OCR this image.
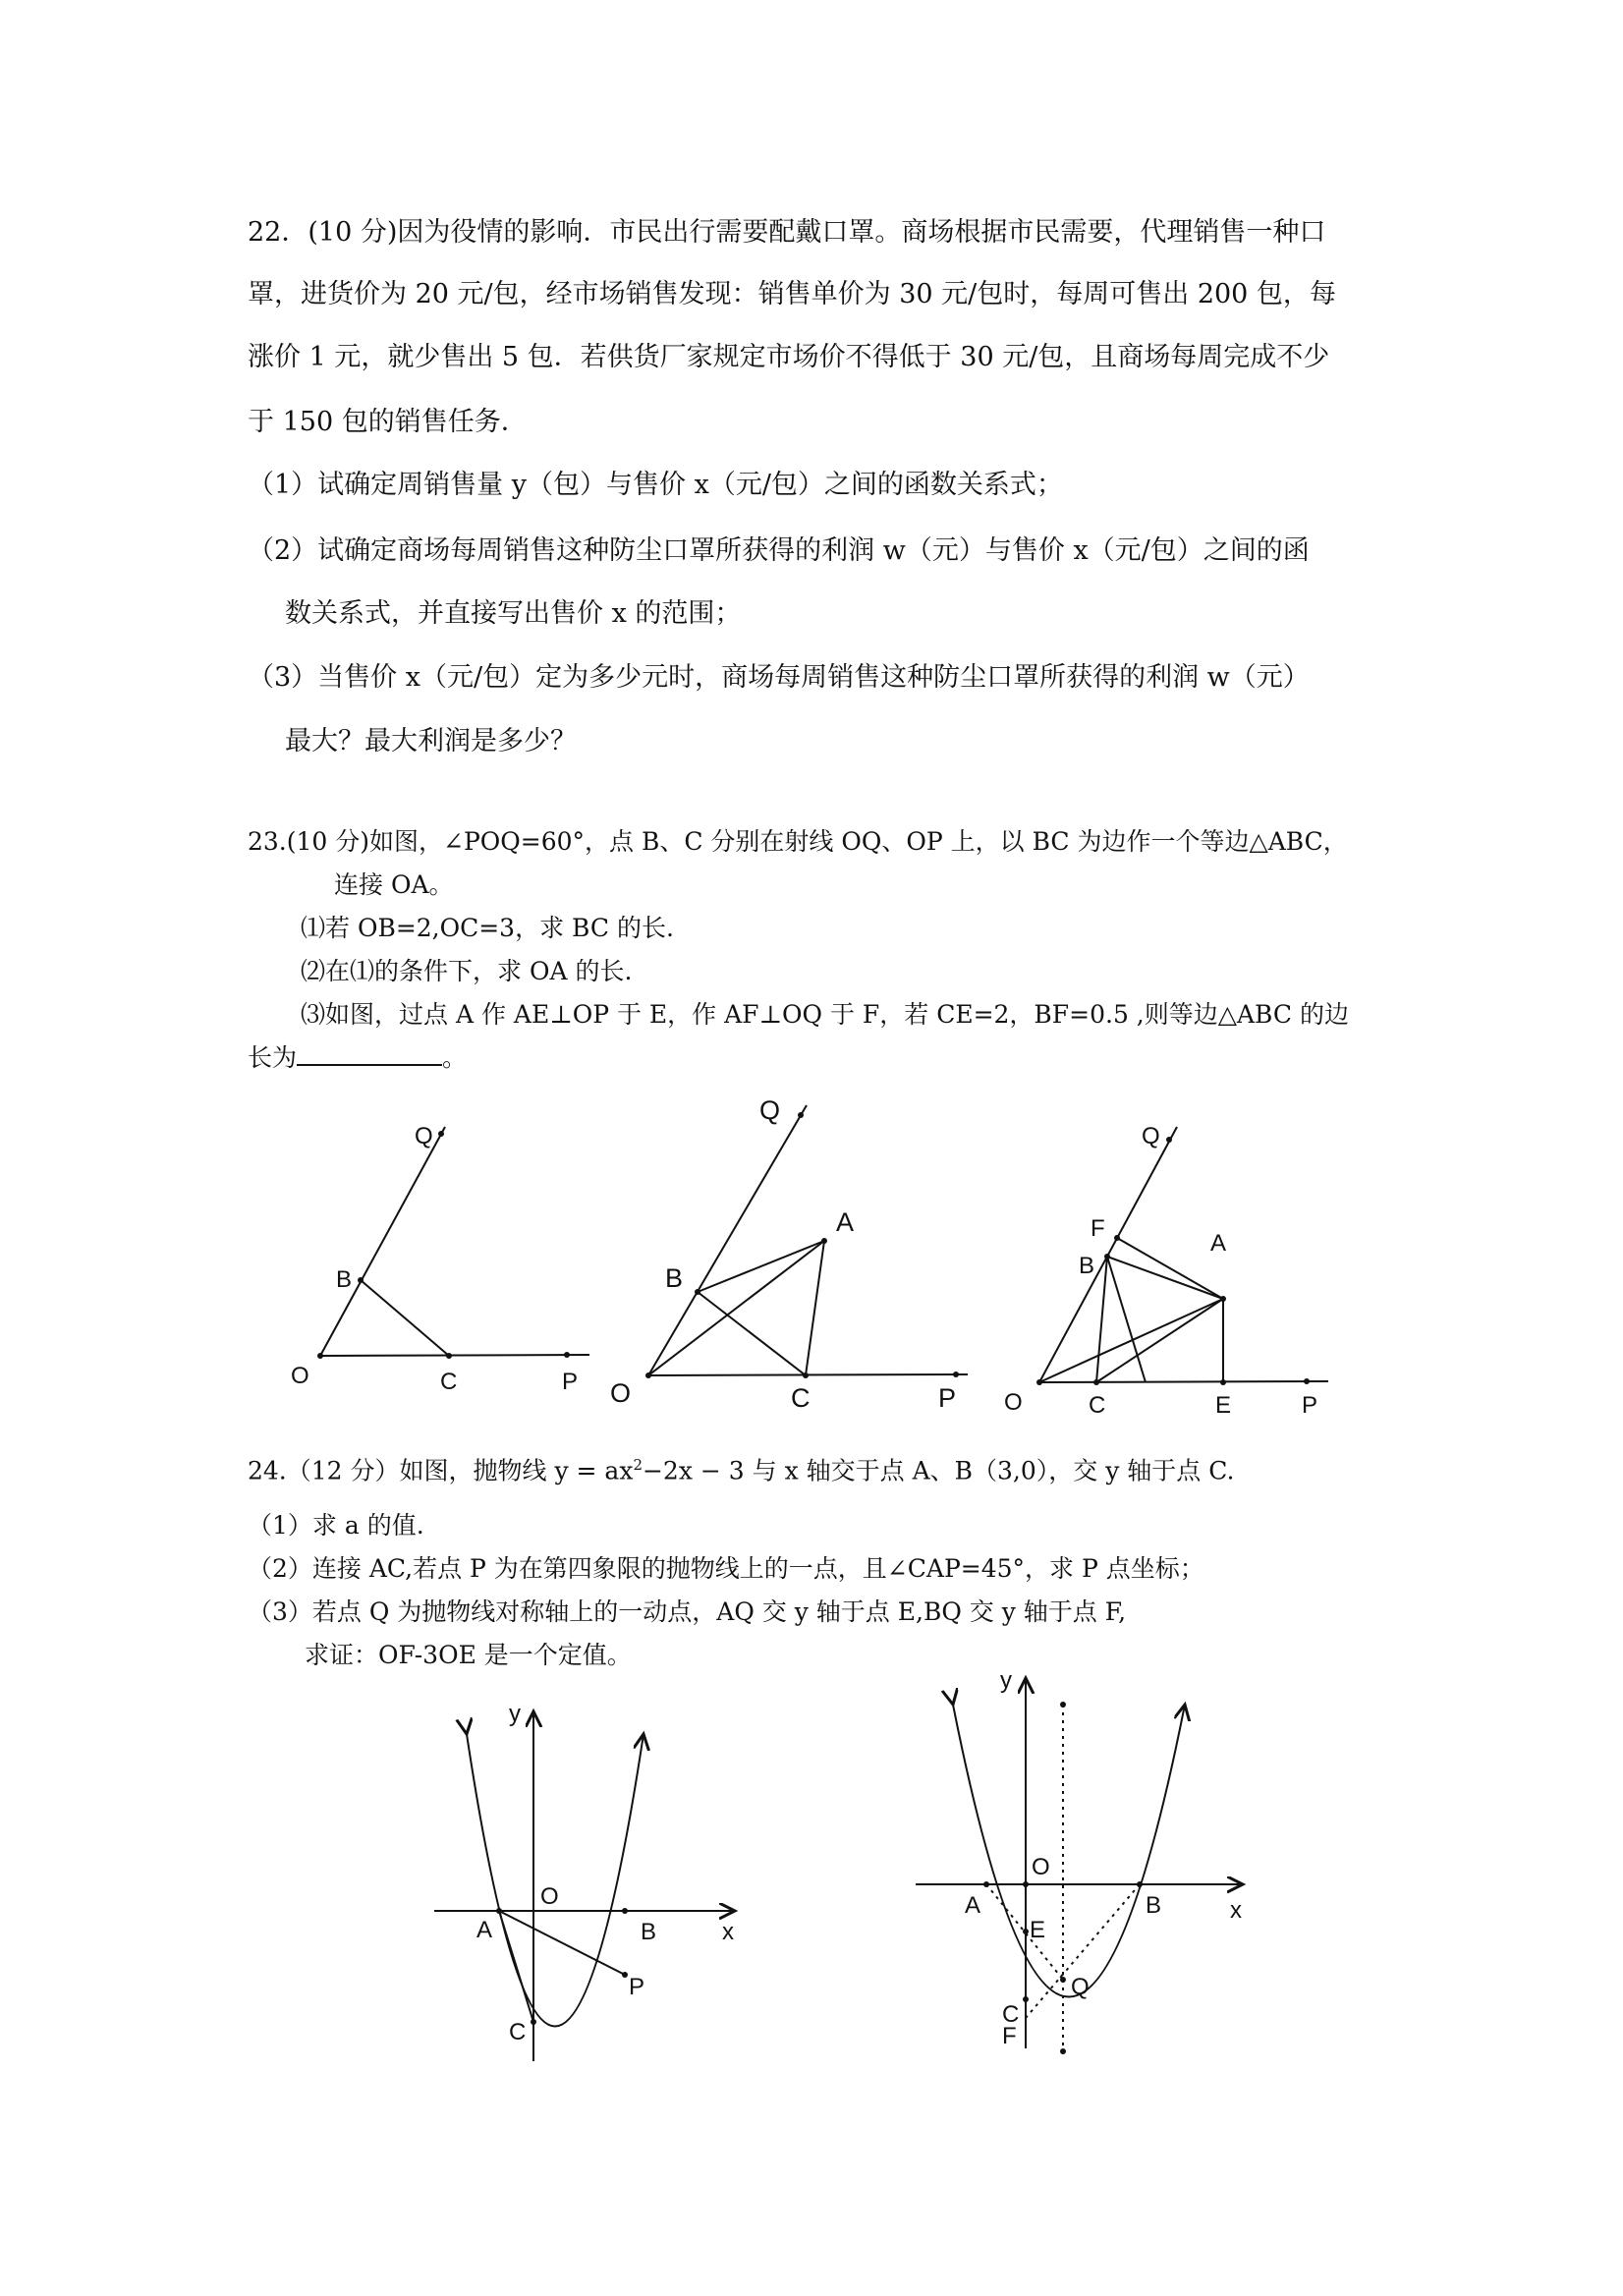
22．(10 分)因为役情的影响．市民出行需要配戴口罩。商场根据市民需要，代理销售一种口
罩，进货价为 20 元/包，经市场销售发现：销售单价为 30 元/包时，每周可售出 200 包，每
涨价 1 元，就少售出 5 包．若供货厂家规定市场价不得低于 30 元/包，且商场每周完成不少
于 150 包的销售任务．
（1）试确定周销售量 y（包）与售价 x（元/包）之间的函数关系式；
（2）试确定商场每周销售这种防尘口罩所获得的利润 w（元）与售价 x（元/包）之间的函
数关系式，并直接写出售价 x 的范围；
（3）当售价 x（元/包）定为多少元时，商场每周销售这种防尘口罩所获得的利润 w（元）
最大？最大利润是多少？
23.(10 分)如图，∠POQ=60°，点 B、C 分别在射线 OQ、OP 上，以 BC 为边作一个等边△ABC，
连接 OA。
⑴若 OB=2,OC=3，求 BC 的长.
⑵在⑴的条件下，求 OA 的长.
⑶如图，过点 A 作 AE⊥OP 于 E，作 AF⊥OQ 于 F，若 CE=2，BF=0.5 ,则等边△ABC 的边
长为	。
Q
B
O	C	P
Q
A
B
O	C	P
Q
F
A
B
O	C	E	P
24.（12 分）如图，抛物线 $y = ax^2-2x - 3$ 与 x 轴交于点 A、B（3,0），交 y 轴于点 C.
（1）求 a 的值.
（2）连接 AC,若点 P 为在第四象限的抛物线上的一点，且∠CAP=45°，求 P 点坐标；
（3）若点 Q 为抛物线对称轴上的一动点，AQ 交 y 轴于点 E,BQ 交 y 轴于点 F,
求证：OF-3OE 是一个定值。
y
O
A	B	x
P
C
y
O
A	B	x
E
Q
C
F
